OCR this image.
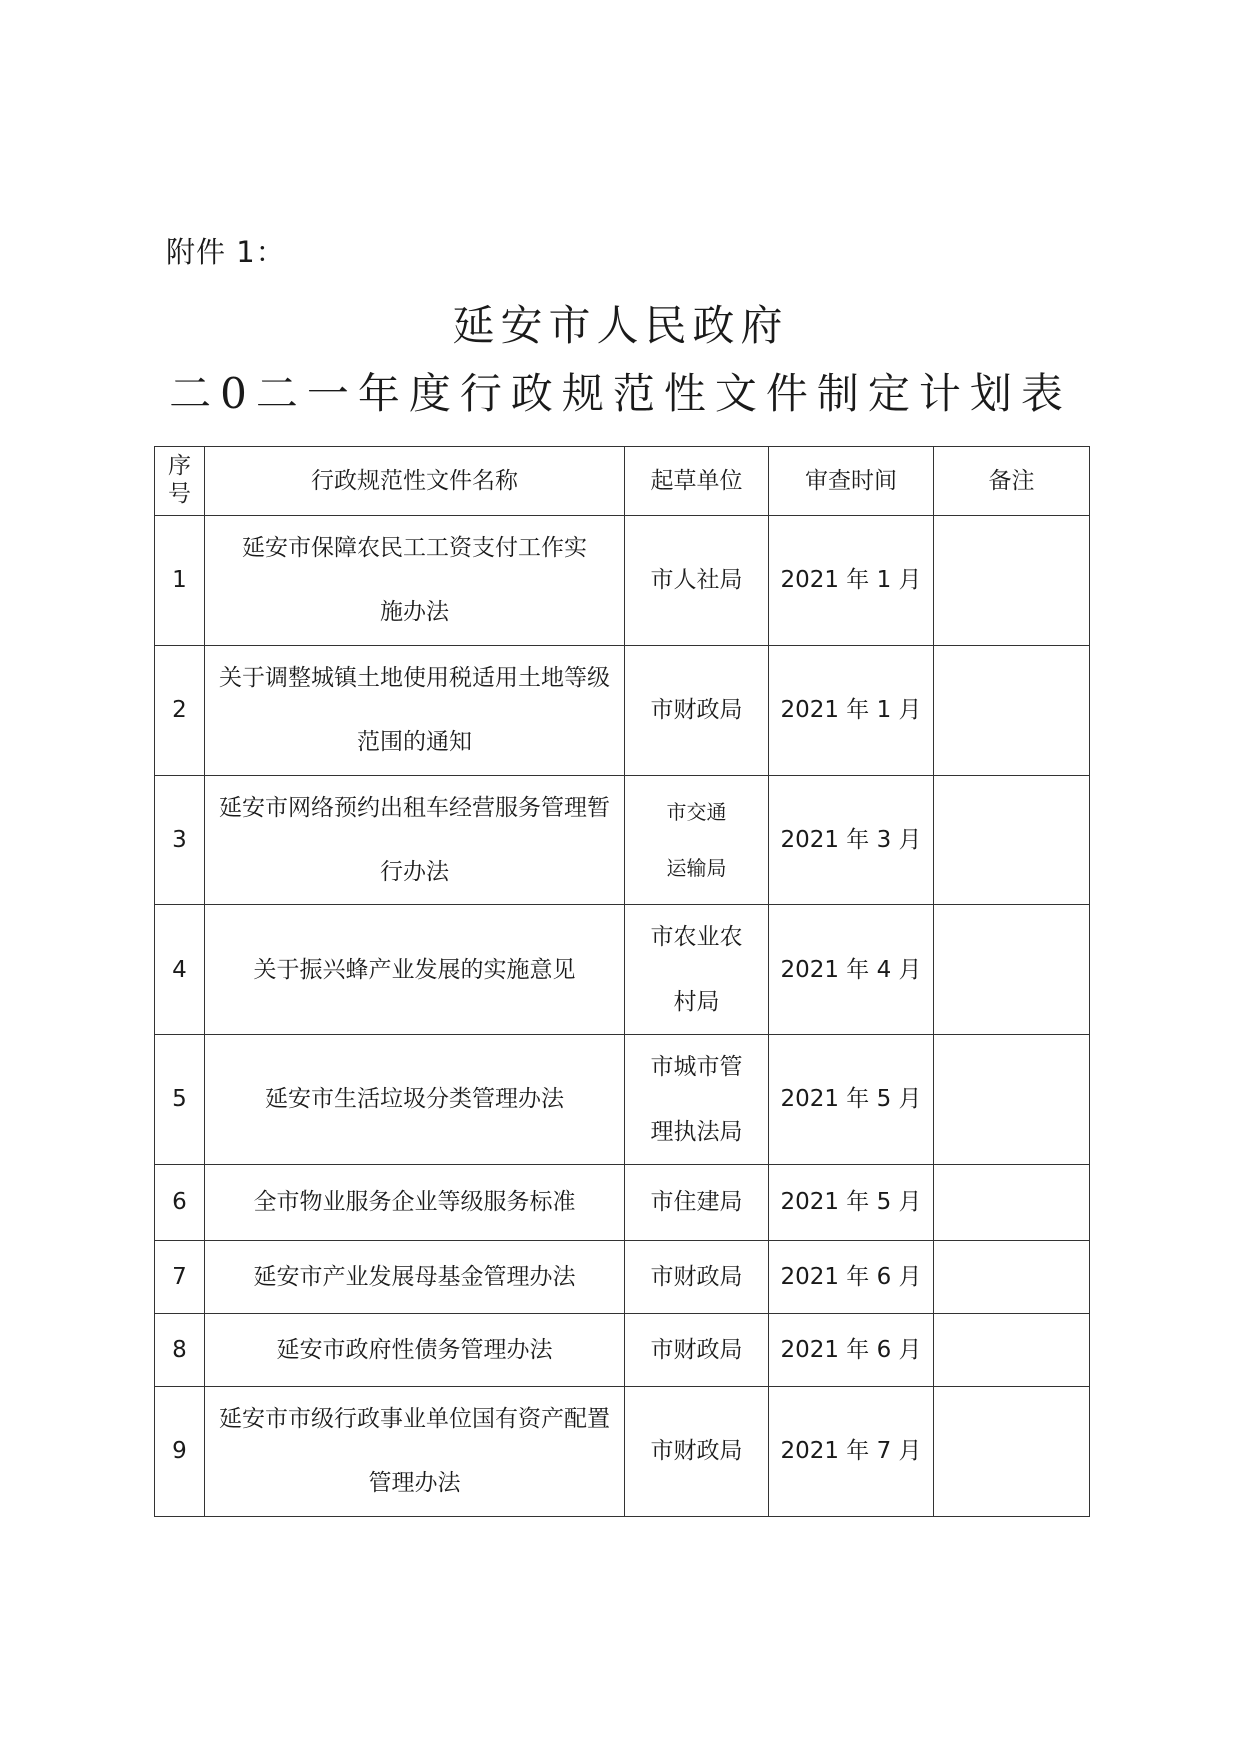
附件 1：
延安市人民政府
二0二一年度行政规范性文件制定计划表
序号	行政规范性文件名称	起草单位	审查时间	备注
1	延安市保障农民工工资支付工作实施办法	市人社局	2021 年 1 月	
2	关于调整城镇土地使用税适用土地等级范围的通知	市财政局	2021 年 1 月	
3	延安市网络预约出租车经营服务管理暂行办法	市交通运输局	2021 年 3 月	
4	关于振兴蜂产业发展的实施意见	市农业农村局	2021 年 4 月	
5	延安市生活垃圾分类管理办法	市城市管理执法局	2021 年 5 月	
6	全市物业服务企业等级服务标准	市住建局	2021 年 5 月	
7	延安市产业发展母基金管理办法	市财政局	2021 年 6 月	
8	延安市政府性债务管理办法	市财政局	2021 年 6 月	
9	延安市市级行政事业单位国有资产配置管理办法	市财政局	2021 年 7 月	
